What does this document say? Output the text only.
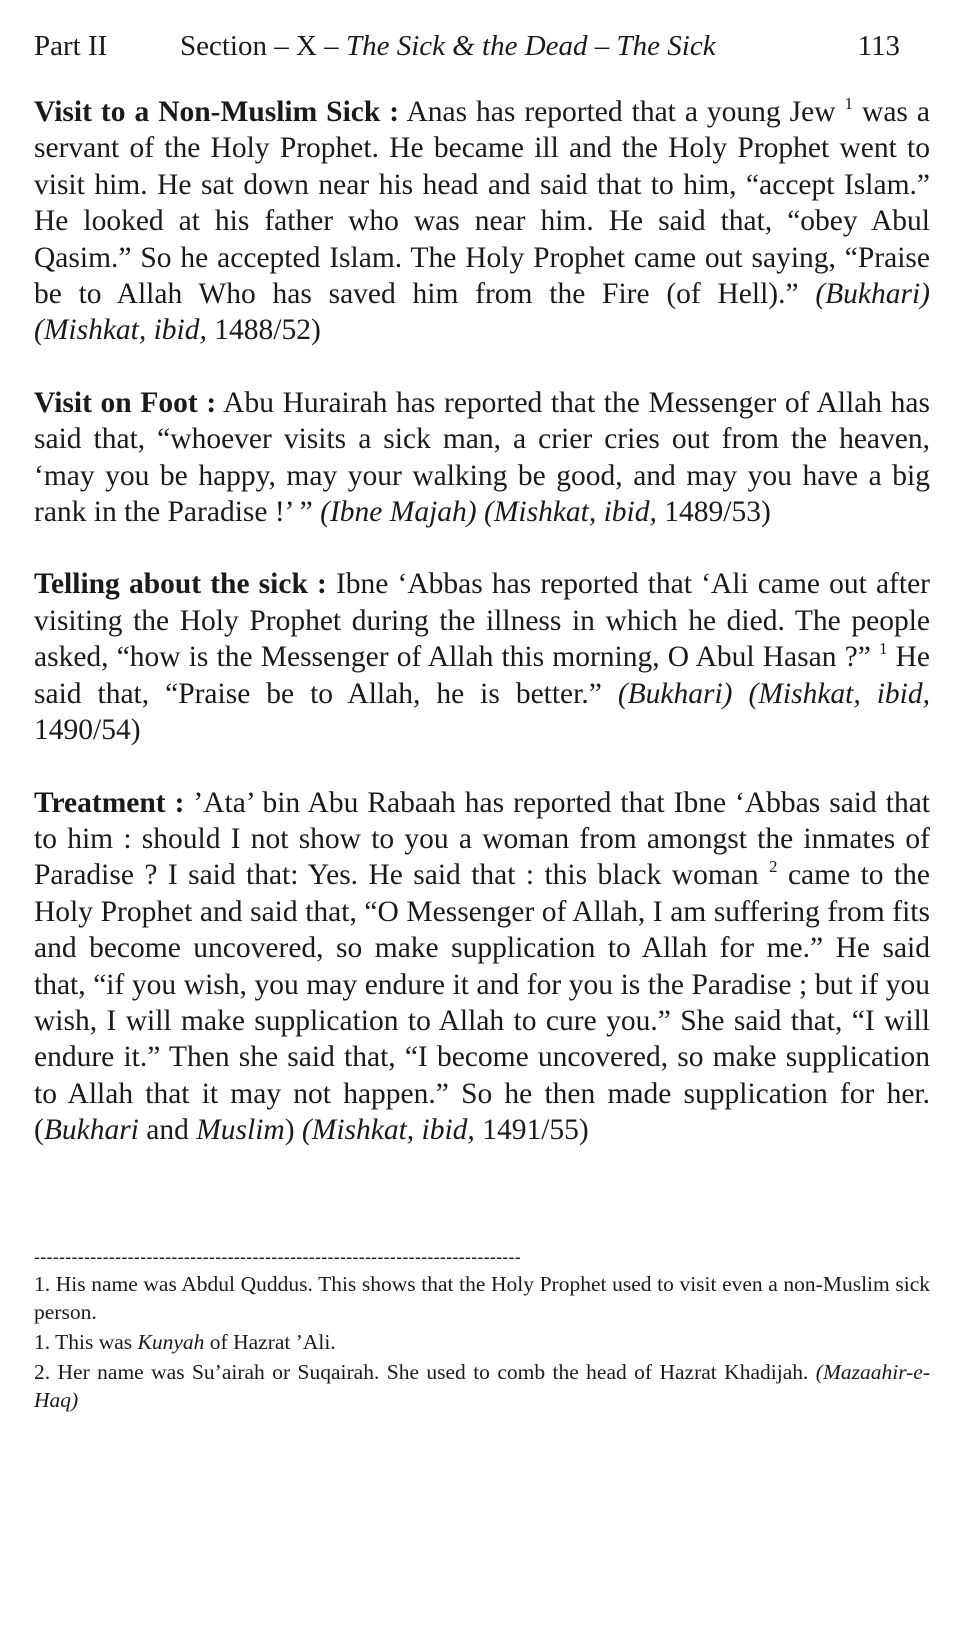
Part II	Section – X – The Sick & the Dead – The Sick	113

Visit to a Non-Muslim Sick : Anas has reported that a young Jew $^1$ was a servant of the Holy Prophet. He became ill and the Holy Prophet went to visit him. He sat down near his head and said that to him, “accept Islam.” He looked at his father who was near him. He said that, “obey Abul Qasim.” So he accepted Islam. The Holy Prophet came out saying, “Praise be to Allah Who has saved him from the Fire (of Hell).” (Bukhari) (Mishkat, ibid, 1488/52)

Visit on Foot : Abu Hurairah has reported that the Messenger of Allah has said that, “whoever visits a sick man, a crier cries out from the heaven, ‘may you be happy, may your walking be good, and may you have a big rank in the Paradise !’ ” (Ibne Majah) (Mishkat, ibid, 1489/53)

Telling about the sick : Ibne ‘Abbas has reported that ‘Ali came out after visiting the Holy Prophet during the illness in which he died. The people asked, “how is the Messenger of Allah this morning, O Abul Hasan ?” $^1$ He said that, “Praise be to Allah, he is better.” (Bukhari) (Mishkat, ibid, 1490/54)

Treatment : ’Ata’ bin Abu Rabaah has reported that Ibne ‘Abbas said that to him : should I not show to you a woman from amongst the inmates of Paradise ? I said that: Yes. He said that : this black woman $^2$ came to the Holy Prophet and said that, “O Messenger of Allah, I am suffering from fits and become uncovered, so make supplication to Allah for me.” He said that, “if you wish, you may endure it and for you is the Paradise ; but if you wish, I will make supplication to Allah to cure you.” She said that, “I will endure it.” Then she said that, “I become uncovered, so make supplication to Allah that it may not happen.” So he then made supplication for her. (Bukhari and Muslim) (Mishkat, ibid, 1491/55)

------------------------------------------------------------------------------

1. His name was Abdul Quddus. This shows that the Holy Prophet used to visit even a non-Muslim sick person.

1. This was Kunyah of Hazrat ’Ali.

2. Her name was Su’airah or Suqairah. She used to comb the head of Hazrat Khadijah. (Mazaahir-e-Haq)
